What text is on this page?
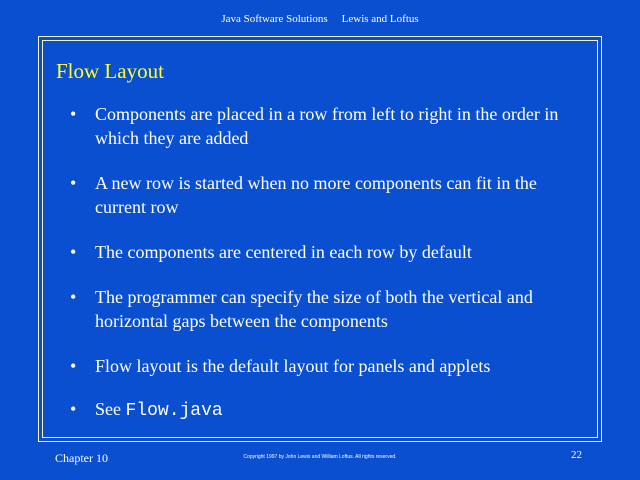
Java Software Solutions Lewis and Loftus
Flow Layout
•	Components are placed in a row from left to right in the order in which they are added
•	A new row is started when no more components can fit in the current row
•	The components are centered in each row by default
•	The programmer can specify the size of both the vertical and horizontal gaps between the components
•	Flow layout is the default layout for panels and applets
•	See Flow.java
Chapter 10	Copyright 1997 by John Lewis and William Loftus. All rights reserved.	22
